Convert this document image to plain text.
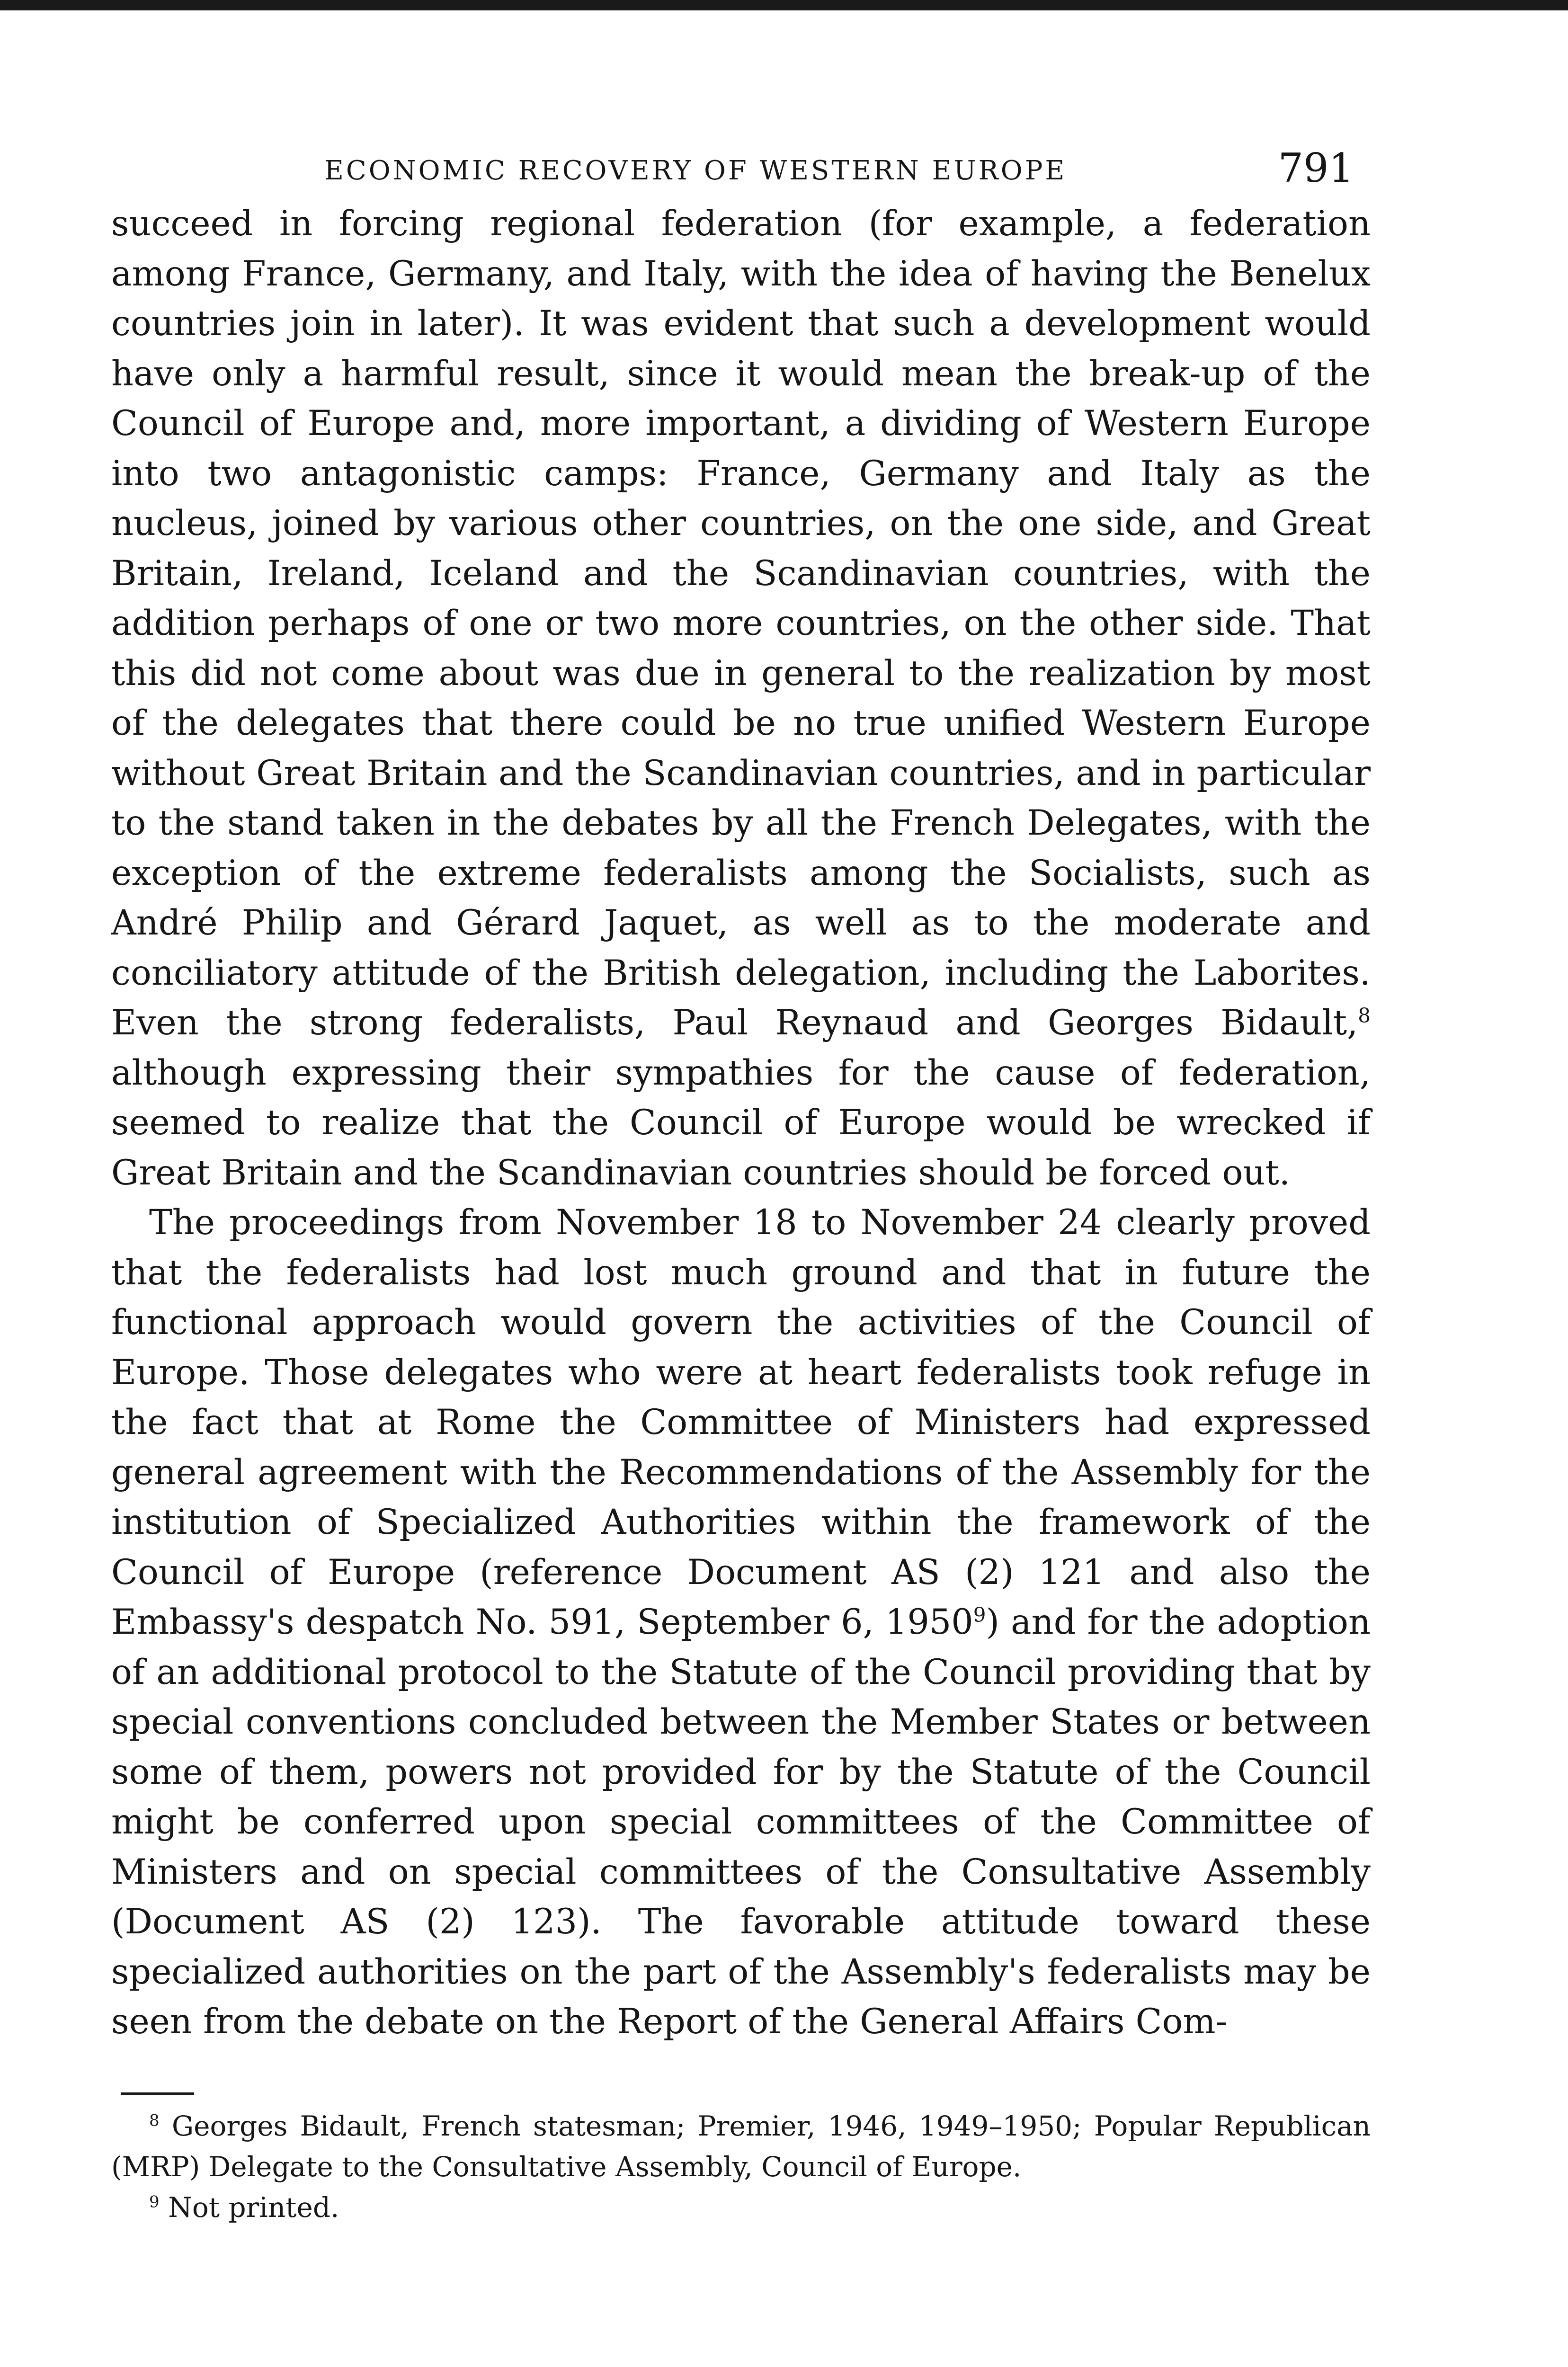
ECONOMIC RECOVERY OF WESTERN EUROPE	791

succeed in forcing regional federation (for example, a federation among France, Germany, and Italy, with the idea of having the Benelux countries join in later). It was evident that such a development would have only a harmful result, since it would mean the break-up of the Council of Europe and, more important, a dividing of Western Europe into two antagonistic camps: France, Germany and Italy as the nucleus, joined by various other countries, on the one side, and Great Britain, Ireland, Iceland and the Scandinavian countries, with the addition perhaps of one or two more countries, on the other side. That this did not come about was due in general to the realization by most of the delegates that there could be no true unified Western Europe without Great Britain and the Scandinavian countries, and in particular to the stand taken in the debates by all the French Delegates, with the exception of the extreme federalists among the Socialists, such as André Philip and Gérard Jaquet, as well as to the moderate and conciliatory attitude of the British delegation, including the Laborites. Even the strong federalists, Paul Reynaud and Georges Bidault,$^8$ although expressing their sympathies for the cause of federation, seemed to realize that the Council of Europe would be wrecked if Great Britain and the Scandinavian countries should be forced out.

The proceedings from November 18 to November 24 clearly proved that the federalists had lost much ground and that in future the functional approach would govern the activities of the Council of Europe. Those delegates who were at heart federalists took refuge in the fact that at Rome the Committee of Ministers had expressed general agreement with the Recommendations of the Assembly for the institution of Specialized Authorities within the framework of the Council of Europe (reference Document AS (2) 121 and also the Embassy's despatch No. 591, September 6, 1950$^9$) and for the adoption of an additional protocol to the Statute of the Council providing that by special conventions concluded between the Member States or between some of them, powers not provided for by the Statute of the Council might be conferred upon special committees of the Committee of Ministers and on special committees of the Consultative Assembly (Document AS (2) 123). The favorable attitude toward these specialized authorities on the part of the Assembly's federalists may be seen from the debate on the Report of the General Affairs Com-

$^8$ Georges Bidault, French statesman; Premier, 1946, 1949–1950; Popular Republican (MRP) Delegate to the Consultative Assembly, Council of Europe.

$^9$ Not printed.
